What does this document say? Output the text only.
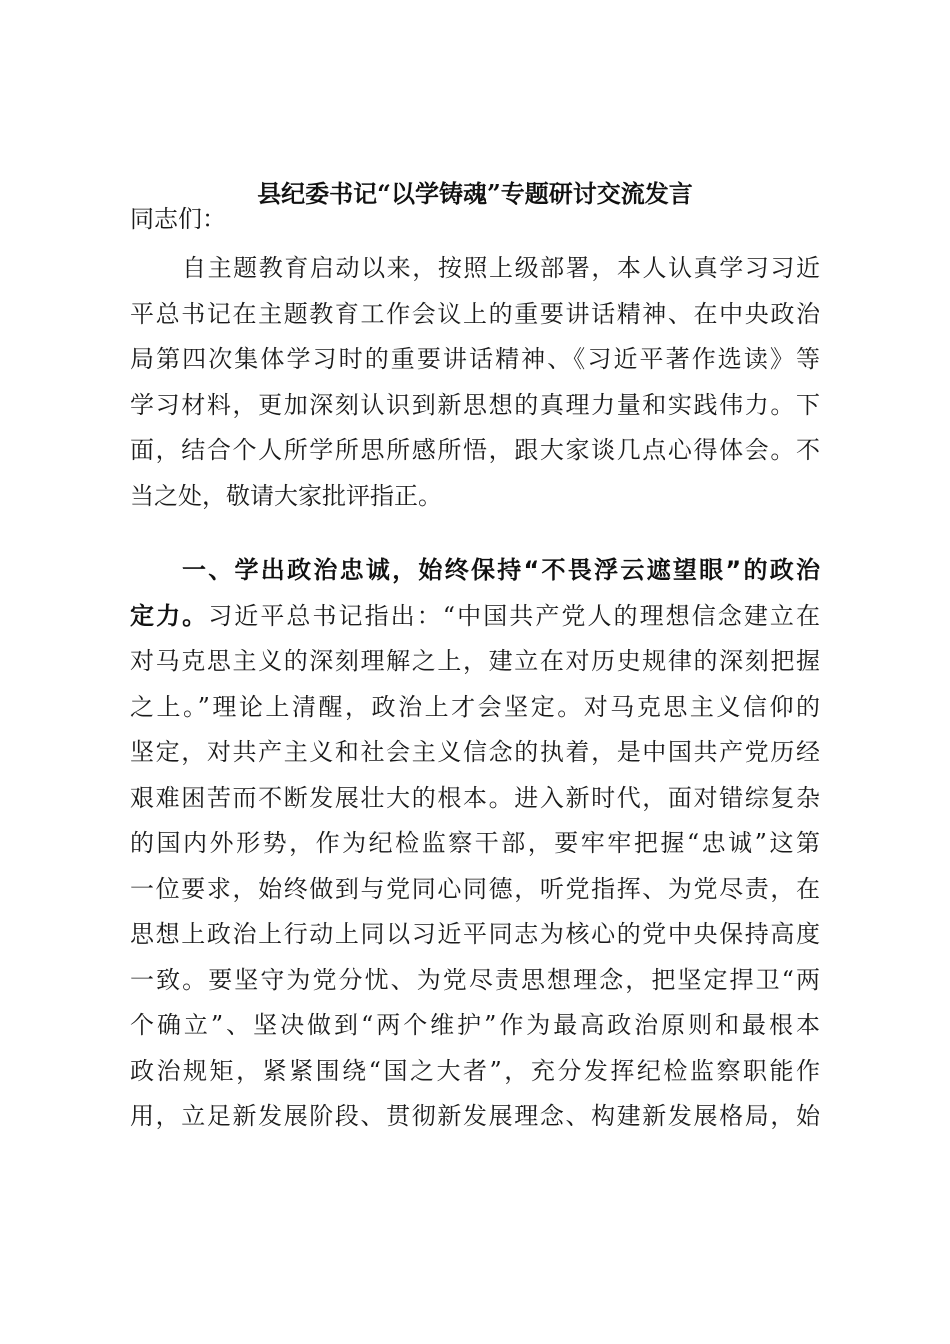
县纪委书记“以学铸魂”专题研讨交流发言
同志们：
自主题教育启动以来，按照上级部署，本人认真学习习近
平总书记在主题教育工作会议上的重要讲话精神、在中央政治
局第四次集体学习时的重要讲话精神、《习近平著作选读》等
学习材料，更加深刻认识到新思想的真理力量和实践伟力。下
面，结合个人所学所思所感所悟，跟大家谈几点心得体会。不
当之处，敬请大家批评指正。
一、学出政治忠诚，始终保持“不畏浮云遮望眼”的政治
定力。习近平总书记指出：“中国共产党人的理想信念建立在
对马克思主义的深刻理解之上，建立在对历史规律的深刻把握
之上。”理论上清醒，政治上才会坚定。对马克思主义信仰的
坚定，对共产主义和社会主义信念的执着，是中国共产党历经
艰难困苦而不断发展壮大的根本。进入新时代，面对错综复杂
的国内外形势，作为纪检监察干部，要牢牢把握“忠诚”这第
一位要求，始终做到与党同心同德，听党指挥、为党尽责，在
思想上政治上行动上同以习近平同志为核心的党中央保持高度
一致。要坚守为党分忧、为党尽责思想理念，把坚定捍卫“两
个确立”、坚决做到“两个维护”作为最高政治原则和最根本
政治规矩，紧紧围绕“国之大者”，充分发挥纪检监察职能作
用，立足新发展阶段、贯彻新发展理念、构建新发展格局，始
